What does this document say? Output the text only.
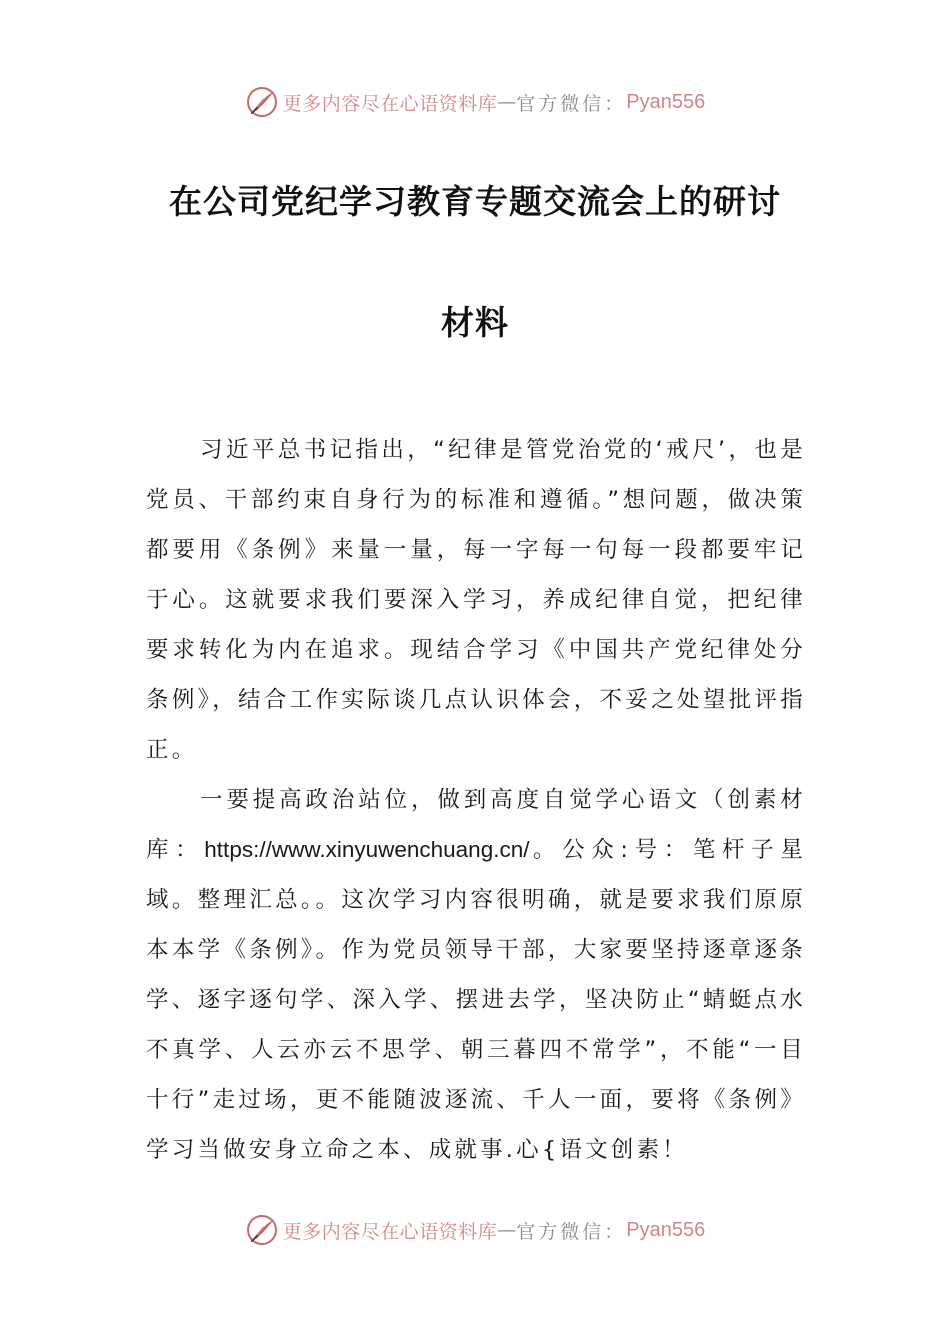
更多内容尽在心语资料库 — 官方微信： Pyan556
在公司党纪学习教育专题交流会上的研讨
材料

习近平总书记指出，“纪律是管党治党的‘戒尺’，也是党员、干部约束自身行为的标准和遵循。”想问题，做决策都要用《条例》来量一量，每一字每一句每一段都要牢记于心。这就要求我们要深入学习，养成纪律自觉，把纪律要求转化为内在追求。现结合学习《中国共产党纪律处分条例》，结合工作实际谈几点认识体会，不妥之处望批评指正。

一要提高政治站位，做到高度自觉学心语文（创素材库：https://www.xinyuwenchuang.cn/。公众:号：笔杆子星域。整理汇总。。这次学习内容很明确，就是要求我们原原本本学《条例》。作为党员领导干部，大家要坚持逐章逐条学、逐字逐句学、深入学、摆进去学，坚决防止“蜻蜓点水不真学、人云亦云不思学、朝三暮四不常学”，不能“一目十行”走过场，更不能随波逐流、千人一面，要将《条例》学习当做安身立命之本、成就事.心{语文创素！

更多内容尽在心语资料库 — 官方微信： Pyan556
